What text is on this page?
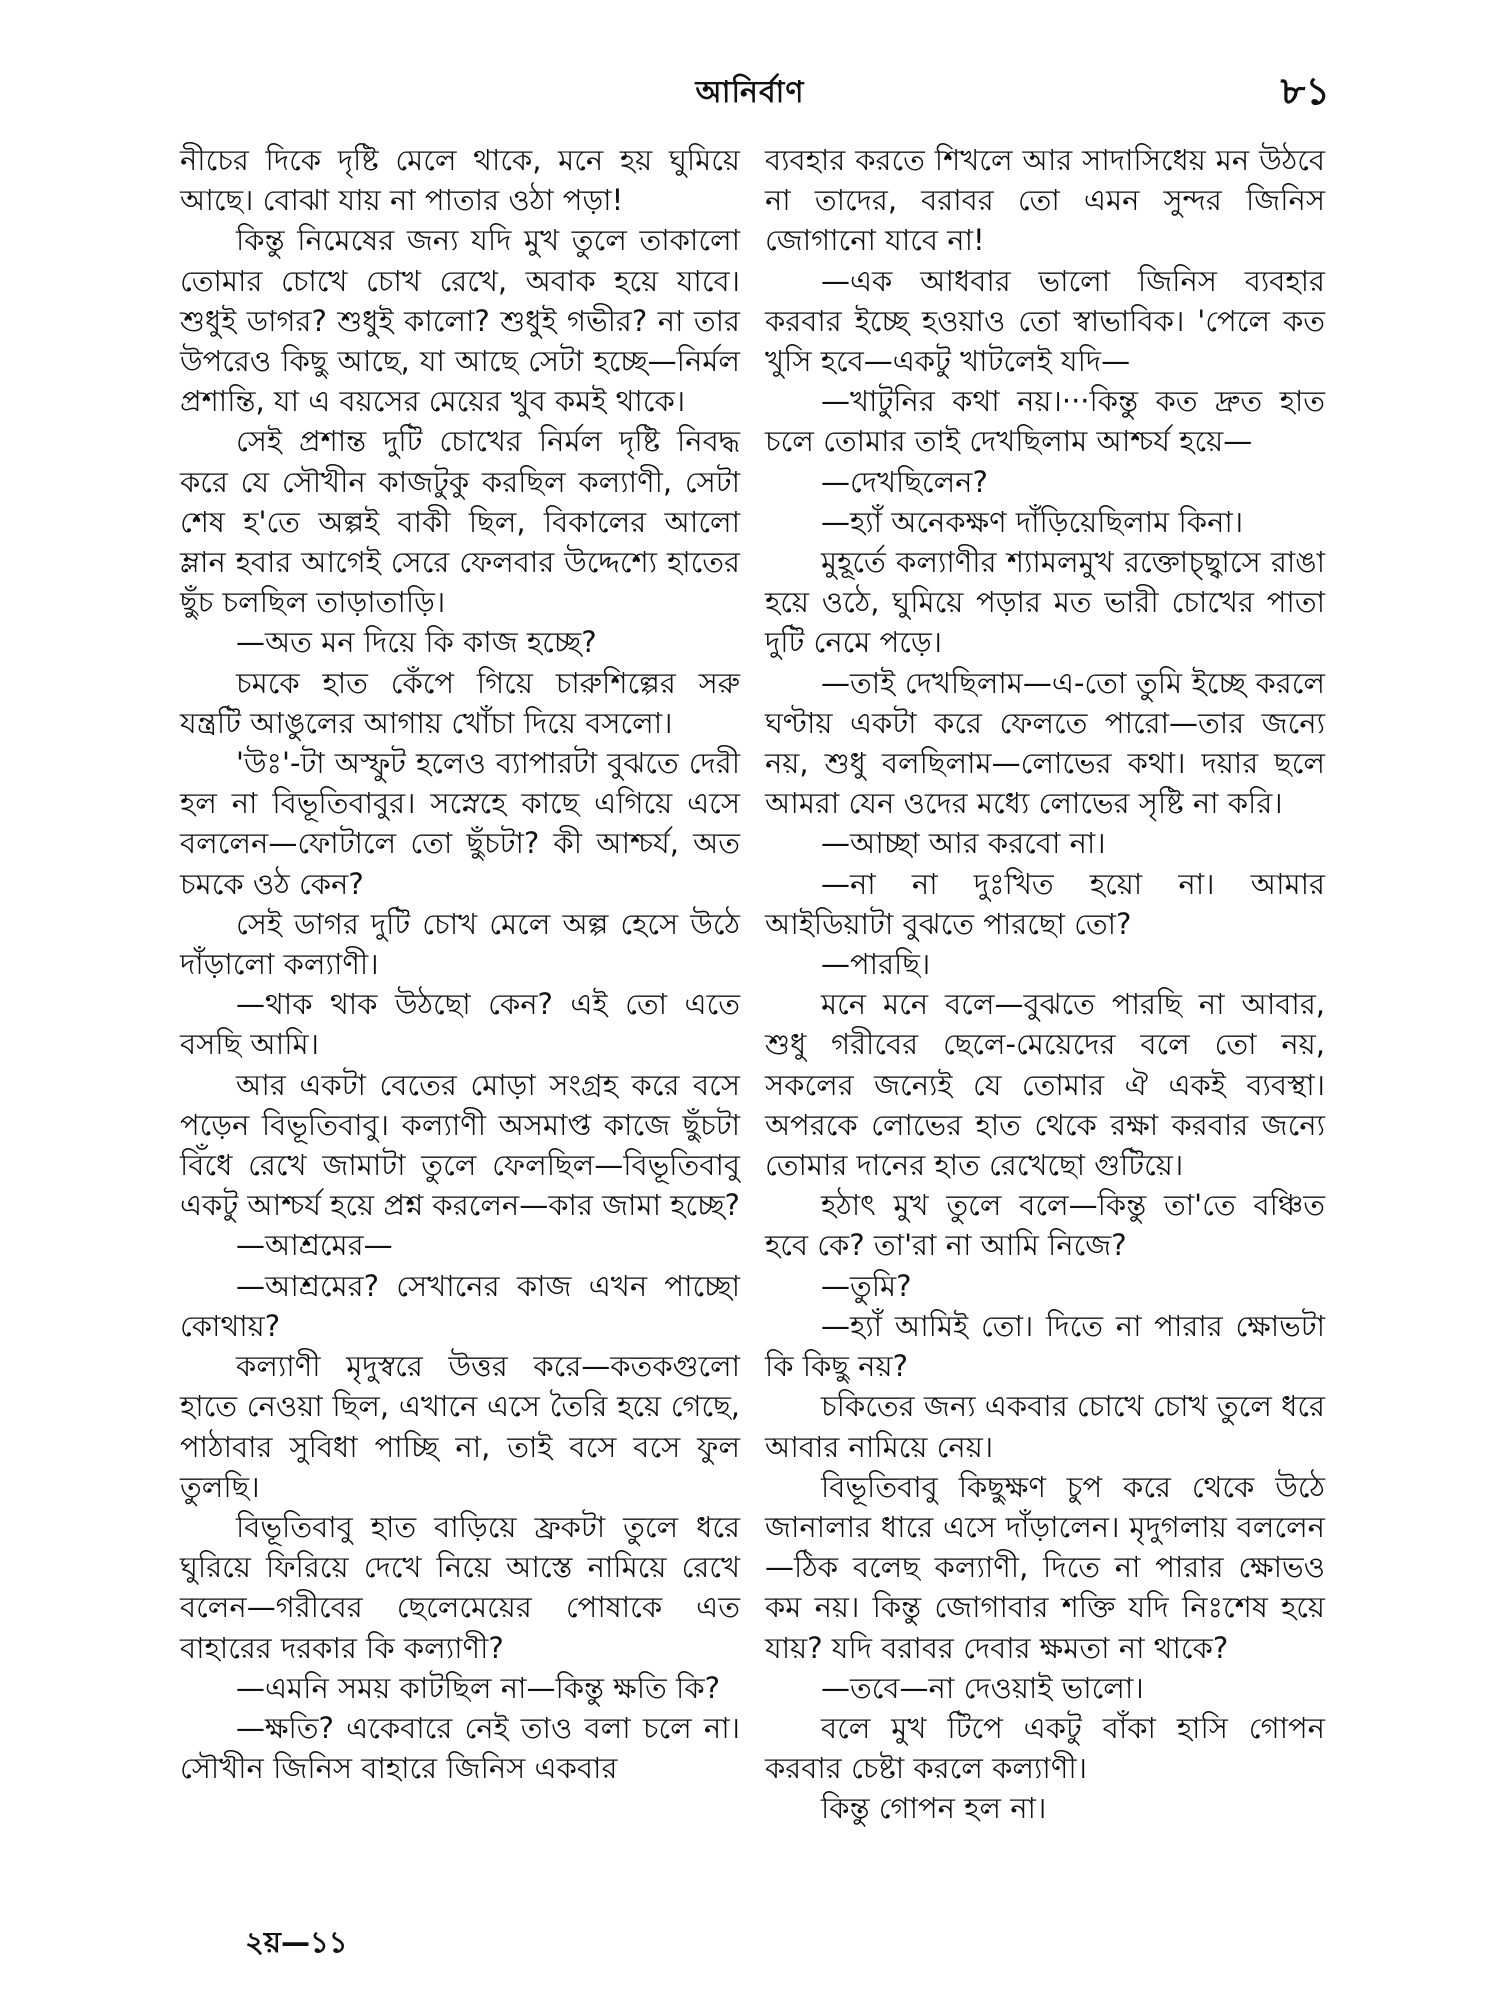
আনির্বাণ	৮১

নীচের দিকে দৃষ্টি মেলে থাকে, মনে হয় ঘুমিয়ে আছে। বোঝা যায় না পাতার ওঠা পড়া!

কিন্তু নিমেষের জন্য যদি মুখ তুলে তাকালো তোমার চোখে চোখ রেখে, অবাক হয়ে যাবে। শুধুই ডাগর? শুধুই কালো? শুধুই গভীর? না তার উপরেও কিছু আছে, যা আছে সেটা হচ্ছে—নির্মল প্রশান্তি, যা এ বয়সের মেয়ের খুব কমই থাকে।

সেই প্রশান্ত দুটি চোখের নির্মল দৃষ্টি নিবদ্ধ করে যে সৌখীন কাজটুকু করছিল কল্যাণী, সেটা শেষ হ'তে অল্পই বাকী ছিল, বিকালের আলো ম্লান হবার আগেই সেরে ফেলবার উদ্দেশ্যে হাতের ছুঁচ চলছিল তাড়াতাড়ি।

—অত মন দিয়ে কি কাজ হচ্ছে?

চমকে হাত কেঁপে গিয়ে চারুশিল্পের সরু যন্ত্রটি আঙুলের আগায় খোঁচা দিয়ে বসলো।

'উঃ'-টা অস্ফুট হলেও ব্যাপারটা বুঝতে দেরী হল না বিভূতিবাবুর। সস্নেহে কাছে এগিয়ে এসে বললেন—ফোটালে তো ছুঁচটা? কী আশ্চর্য, অত চমকে ওঠ কেন?

সেই ডাগর দুটি চোখ মেলে অল্প হেসে উঠে দাঁড়ালো কল্যাণী।

—থাক থাক উঠছো কেন? এই তো এতে বসছি আমি।

আর একটা বেতের মোড়া সংগ্রহ করে বসে পড়েন বিভূতিবাবু। কল্যাণী অসমাপ্ত কাজে ছুঁচটা বিঁধে রেখে জামাটা তুলে ফেলছিল—বিভূতিবাবু একটু আশ্চর্য হয়ে প্রশ্ন করলেন—কার জামা হচ্ছে?

—আশ্রমের—

—আশ্রমের? সেখানের কাজ এখন পাচ্ছো কোথায়?

কল্যাণী মৃদুস্বরে উত্তর করে—কতকগুলো হাতে নেওয়া ছিল, এখানে এসে তৈরি হয়ে গেছে, পাঠাবার সুবিধা পাচ্ছি না, তাই বসে বসে ফুল তুলছি।

বিভূতিবাবু হাত বাড়িয়ে ফ্রকটা তুলে ধরে ঘুরিয়ে ফিরিয়ে দেখে নিয়ে আস্তে নামিয়ে রেখে বলেন—গরীবের ছেলেমেয়ের পোষাকে এত বাহারের দরকার কি কল্যাণী?

—এমনি সময় কাটছিল না—কিন্তু ক্ষতি কি?

—ক্ষতি? একেবারে নেই তাও বলা চলে না। সৌখীন জিনিস বাহারে জিনিস একবার

ব্যবহার করতে শিখলে আর সাদাসিধেয় মন উঠবে না তাদের, বরাবর তো এমন সুন্দর জিনিস জোগানো যাবে না!

—এক আধবার ভালো জিনিস ব্যবহার করবার ইচ্ছে হওয়াও তো স্বাভাবিক। 'পেলে কত খুসি হবে—একটু খাটলেই যদি—

—খাটুনির কথা নয়।···কিন্তু কত দ্রুত হাত চলে তোমার তাই দেখছিলাম আশ্চর্য হয়ে—

—দেখছিলেন?

—হ্যাঁ অনেকক্ষণ দাঁড়িয়েছিলাম কিনা।

মুহূর্তে কল্যাণীর শ্যামলমুখ রক্তোচ্ছ্বাসে রাঙা হয়ে ওঠে, ঘুমিয়ে পড়ার মত ভারী চোখের পাতা দুটি নেমে পড়ে।

—তাই দেখছিলাম—এ-তো তুমি ইচ্ছে করলে ঘণ্টায় একটা করে ফেলতে পারো—তার জন্যে নয়, শুধু বলছিলাম—লোভের কথা। দয়ার ছলে আমরা যেন ওদের মধ্যে লোভের সৃষ্টি না করি।

—আচ্ছা আর করবো না।

—না না দুঃখিত হয়ো না। আমার আইডিয়াটা বুঝতে পারছো তো?

—পারছি।

মনে মনে বলে—বুঝতে পারছি না আবার, শুধু গরীবের ছেলে-মেয়েদের বলে তো নয়, সকলের জন্যেই যে তোমার ঐ একই ব্যবস্থা। অপরকে লোভের হাত থেকে রক্ষা করবার জন্যে তোমার দানের হাত রেখেছো গুটিয়ে।

হঠাৎ মুখ তুলে বলে—কিন্তু তা'তে বঞ্চিত হবে কে? তা'রা না আমি নিজে?

—তুমি?

—হ্যাঁ আমিই তো। দিতে না পারার ক্ষোভটা কি কিছু নয়?

চকিতের জন্য একবার চোখে চোখ তুলে ধরে আবার নামিয়ে নেয়।

বিভূতিবাবু কিছুক্ষণ চুপ করে থেকে উঠে জানালার ধারে এসে দাঁড়ালেন। মৃদুগলায় বললেন—ঠিক বলেছ কল্যাণী, দিতে না পারার ক্ষোভও কম নয়। কিন্তু জোগাবার শক্তি যদি নিঃশেষ হয়ে যায়? যদি বরাবর দেবার ক্ষমতা না থাকে?

—তবে—না দেওয়াই ভালো।

বলে মুখ টিপে একটু বাঁকা হাসি গোপন করবার চেষ্টা করলে কল্যাণী।

কিন্তু গোপন হল না।

২য়—১১
